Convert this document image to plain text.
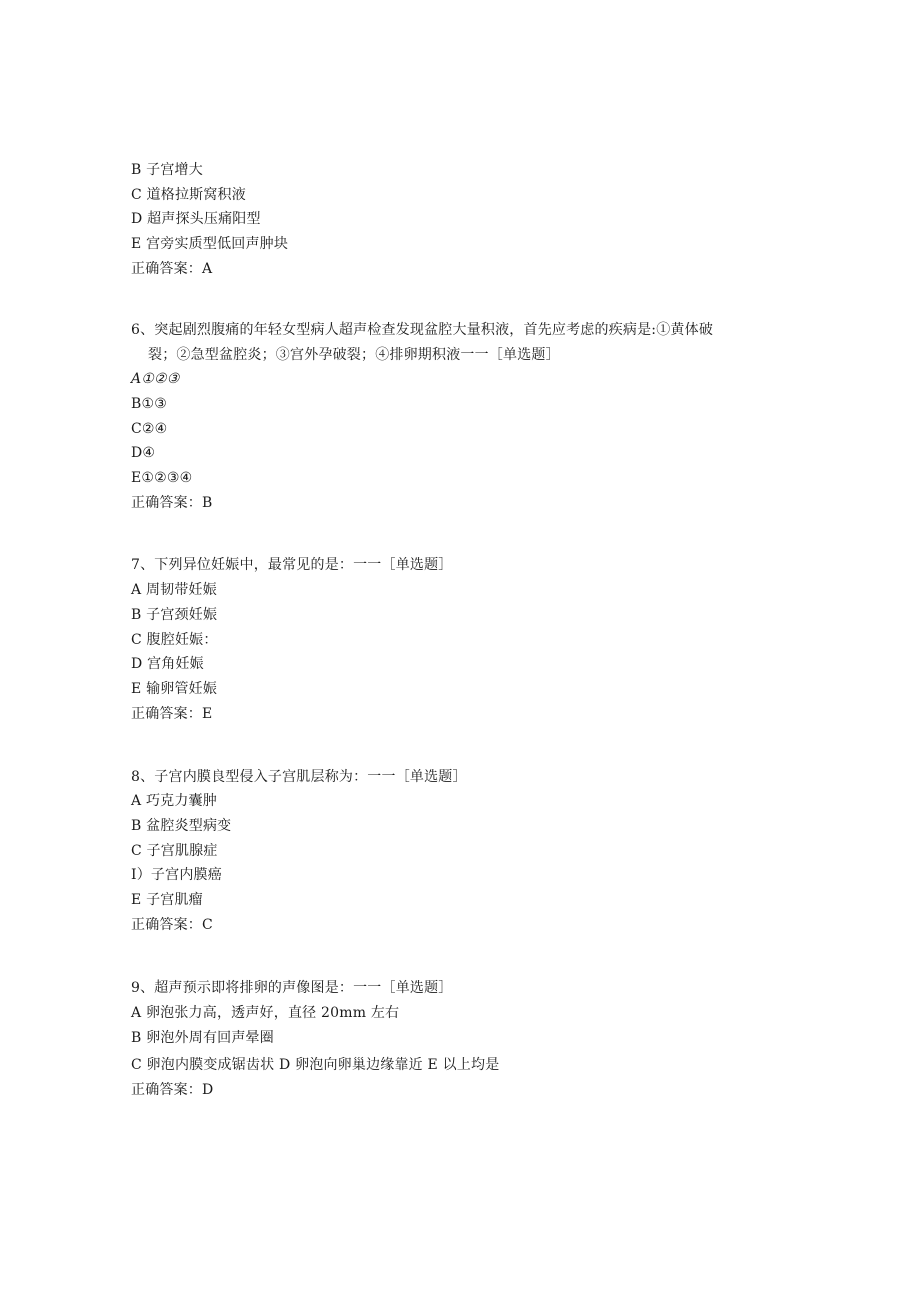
B 子宫增大
C 道格拉斯窝积液
D 超声探头压痛阳型
E 宫旁实质型低回声肿块
正确答案：A
6、突起剧烈腹痛的年轻女型病人超声检查发现盆腔大量积液，首先应考虑的疾病是:①黄体破
裂；②急型盆腔炎；③宫外孕破裂；④排卵期积液一一［单选题］
A①②③
B①③
C②④
D④
E①②③④
正确答案：B
7、下列异位妊娠中，最常见的是：一一［单选题］
A 周韧带妊娠
B 子宫颈妊娠
C 腹腔妊娠：
D 宫角妊娠
E 输卵管妊娠
正确答案：E
8、子宫内膜良型侵入子宫肌层称为：一一［单选题］
A 巧克力囊肿
B 盆腔炎型病变
C 子宫肌腺症
I）子宫内膜癌
E 子宫肌瘤
正确答案：C
9、超声预示即将排卵的声像图是：一一［单选题］
A 卵泡张力高，透声好，直径 20mm 左右
B 卵泡外周有回声晕圈
C 卵泡内膜变成锯齿状 D 卵泡向卵巢边缘靠近 E 以上均是
正确答案：D
